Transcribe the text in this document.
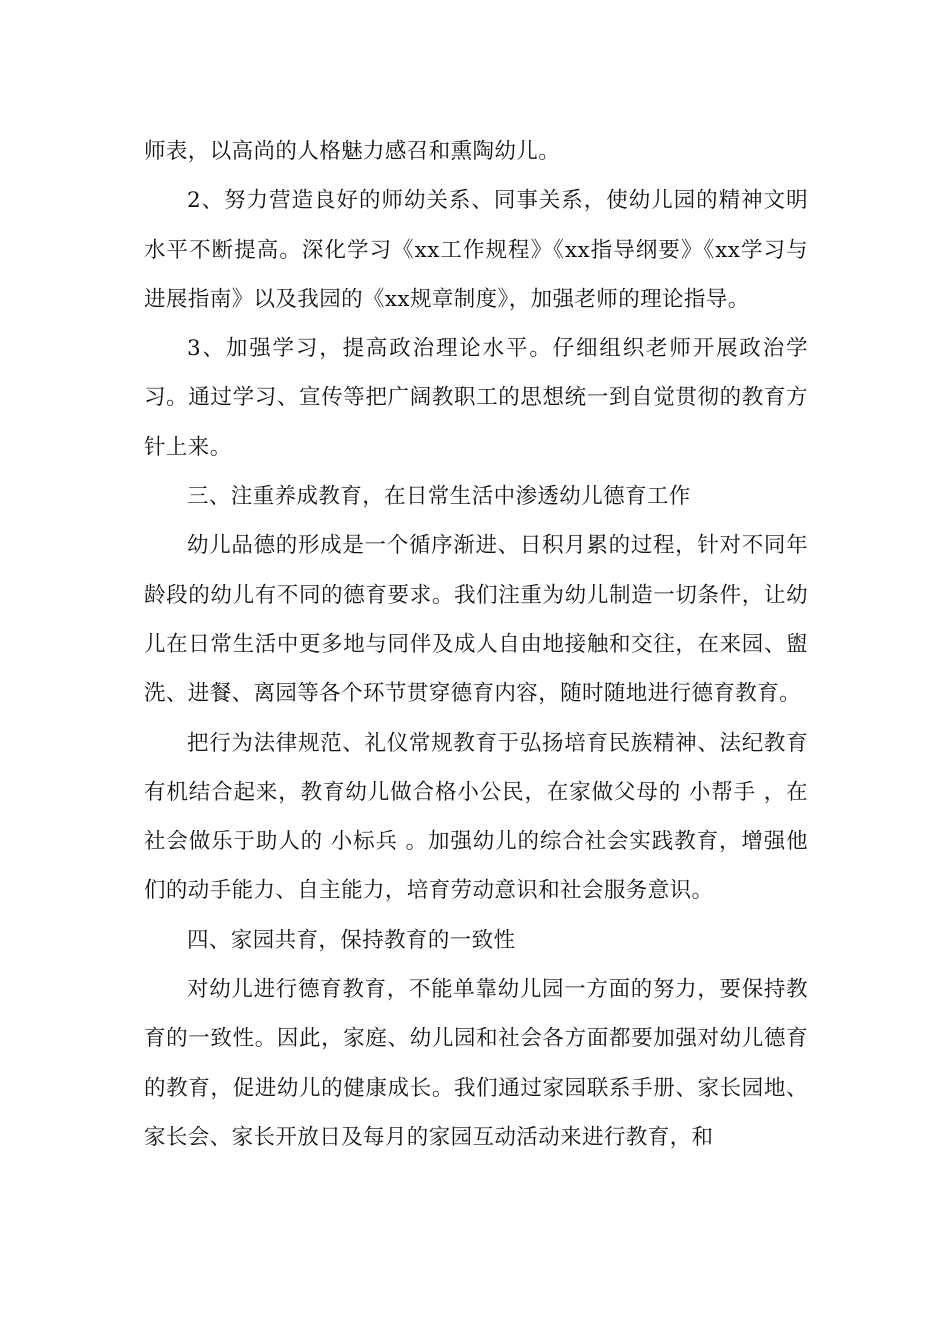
师表，以高尚的人格魅力感召和熏陶幼儿。

2、努力营造良好的师幼关系、同事关系，使幼儿园的精神文明水平不断提高。深化学习《xx工作规程》《xx指导纲要》《xx学习与进展指南》以及我园的《xx规章制度》，加强老师的理论指导。

3、加强学习，提高政治理论水平。仔细组织老师开展政治学习。通过学习、宣传等把广阔教职工的思想统一到自觉贯彻的教育方针上来。

三、注重养成教育，在日常生活中渗透幼儿德育工作

幼儿品德的形成是一个循序渐进、日积月累的过程，针对不同年龄段的幼儿有不同的德育要求。我们注重为幼儿制造一切条件，让幼儿在日常生活中更多地与同伴及成人自由地接触和交往，在来园、盥洗、进餐、离园等各个环节贯穿德育内容，随时随地进行德育教育。

把行为法律规范、礼仪常规教育于弘扬培育民族精神、法纪教育有机结合起来，教育幼儿做合格小公民，在家做父母的 小帮手 ，在社会做乐于助人的 小标兵 。加强幼儿的综合社会实践教育，增强他们的动手能力、自主能力，培育劳动意识和社会服务意识。

四、家园共育，保持教育的一致性

对幼儿进行德育教育，不能单靠幼儿园一方面的努力，要保持教育的一致性。因此，家庭、幼儿园和社会各方面都要加强对幼儿德育的教育，促进幼儿的健康成长。我们通过家园联系手册、家长园地、家长会、家长开放日及每月的家园互动活动来进行教育，和
